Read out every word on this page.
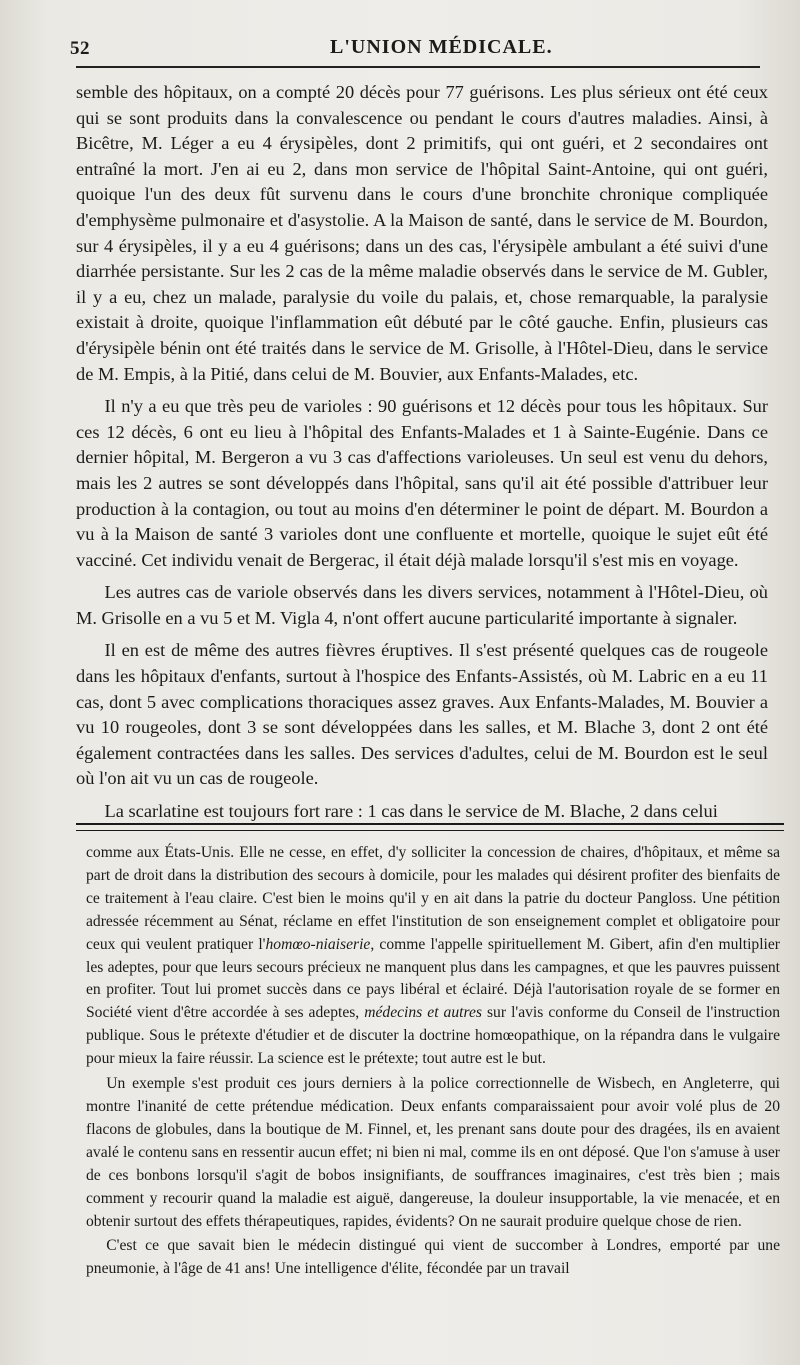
52	L'UNION MÉDICALE.

semble des hôpitaux, on a compté 20 décès pour 77 guérisons. Les plus sérieux ont été ceux qui se sont produits dans la convalescence ou pendant le cours d'autres maladies. Ainsi, à Bicêtre, M. Léger a eu 4 érysipèles, dont 2 primitifs, qui ont guéri, et 2 secondaires ont entraîné la mort. J'en ai eu 2, dans mon service de l'hôpital Saint-Antoine, qui ont guéri, quoique l'un des deux fût survenu dans le cours d'une bronchite chronique compliquée d'emphysème pulmonaire et d'asystolie. A la Maison de santé, dans le service de M. Bourdon, sur 4 érysipèles, il y a eu 4 guérisons; dans un des cas, l'érysipèle ambulant a été suivi d'une diarrhée persistante. Sur les 2 cas de la même maladie observés dans le service de M. Gubler, il y a eu, chez un malade, paralysie du voile du palais, et, chose remarquable, la paralysie existait à droite, quoique l'inflammation eût débuté par le côté gauche. Enfin, plusieurs cas d'érysipèle bénin ont été traités dans le service de M. Grisolle, à l'Hôtel-Dieu, dans le service de M. Empis, à la Pitié, dans celui de M. Bouvier, aux Enfants-Malades, etc.

Il n'y a eu que très peu de varioles : 90 guérisons et 12 décès pour tous les hôpitaux. Sur ces 12 décès, 6 ont eu lieu à l'hôpital des Enfants-Malades et 1 à Sainte-Eugénie. Dans ce dernier hôpital, M. Bergeron a vu 3 cas d'affections varioleuses. Un seul est venu du dehors, mais les 2 autres se sont développés dans l'hôpital, sans qu'il ait été possible d'attribuer leur production à la contagion, ou tout au moins d'en déterminer le point de départ. M. Bourdon a vu à la Maison de santé 3 varioles dont une confluente et mortelle, quoique le sujet eût été vacciné. Cet individu venait de Bergerac, il était déjà malade lorsqu'il s'est mis en voyage.

Les autres cas de variole observés dans les divers services, notamment à l'Hôtel-Dieu, où M. Grisolle en a vu 5 et M. Vigla 4, n'ont offert aucune particularité importante à signaler.

Il en est de même des autres fièvres éruptives. Il s'est présenté quelques cas de rougeole dans les hôpitaux d'enfants, surtout à l'hospice des Enfants-Assistés, où M. Labric en a eu 11 cas, dont 5 avec complications thoraciques assez graves. Aux Enfants-Malades, M. Bouvier a vu 10 rougeoles, dont 3 se sont développées dans les salles, et M. Blache 3, dont 2 ont été également contractées dans les salles. Des services d'adultes, celui de M. Bourdon est le seul où l'on ait vu un cas de rougeole.

La scarlatine est toujours fort rare : 1 cas dans le service de M. Blache, 2 dans celui

comme aux États-Unis. Elle ne cesse, en effet, d'y solliciter la concession de chaires, d'hôpitaux, et même sa part de droit dans la distribution des secours à domicile, pour les malades qui désirent profiter des bienfaits de ce traitement à l'eau claire. C'est bien le moins qu'il y en ait dans la patrie du docteur Pangloss. Une pétition adressée récemment au Sénat, réclame en effet l'institution de son enseignement complet et obligatoire pour ceux qui veulent pratiquer l'homœo-niaiserie, comme l'appelle spirituellement M. Gibert, afin d'en multiplier les adeptes, pour que leurs secours précieux ne manquent plus dans les campagnes, et que les pauvres puissent en profiter. Tout lui promet succès dans ce pays libéral et éclairé. Déjà l'autorisation royale de se former en Société vient d'être accordée à ses adeptes, médecins et autres sur l'avis conforme du Conseil de l'instruction publique. Sous le prétexte d'étudier et de discuter la doctrine homœopathique, on la répandra dans le vulgaire pour mieux la faire réussir. La science est le prétexte; tout autre est le but.

Un exemple s'est produit ces jours derniers à la police correctionnelle de Wisbech, en Angleterre, qui montre l'inanité de cette prétendue médication. Deux enfants comparaissaient pour avoir volé plus de 20 flacons de globules, dans la boutique de M. Finnel, et, les prenant sans doute pour des dragées, ils en avaient avalé le contenu sans en ressentir aucun effet; ni bien ni mal, comme ils en ont déposé. Que l'on s'amuse à user de ces bonbons lorsqu'il s'agit de bobos insignifiants, de souffrances imaginaires, c'est très bien ; mais comment y recourir quand la maladie est aiguë, dangereuse, la douleur insupportable, la vie menacée, et en obtenir surtout des effets thérapeutiques, rapides, évidents? On ne saurait produire quelque chose de rien.

C'est ce que savait bien le médecin distingué qui vient de succomber à Londres, emporté par une pneumonie, à l'âge de 41 ans! Une intelligence d'élite, fécondée par un travail
